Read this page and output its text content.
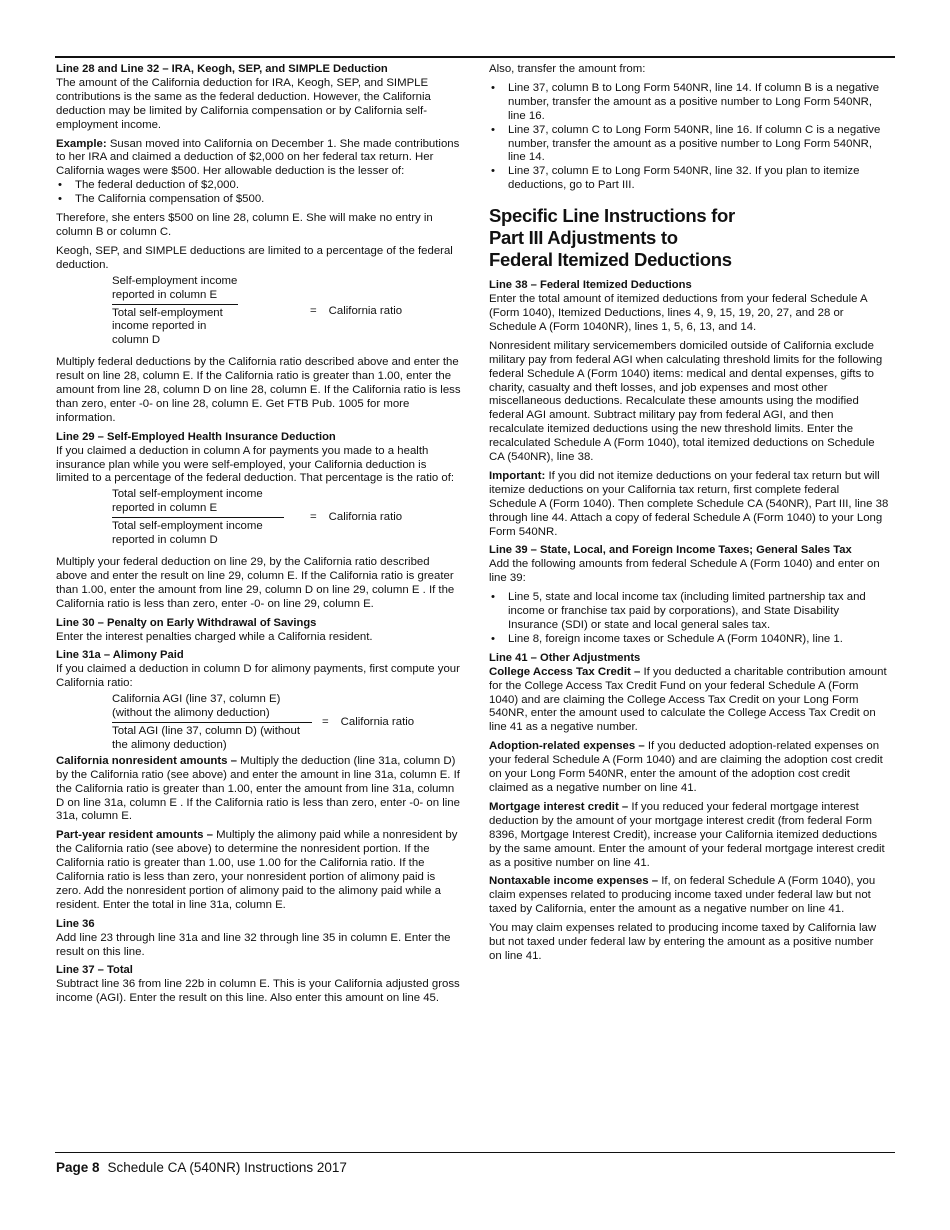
Line 28 and Line 32 – IRA, Keogh, SEP, and SIMPLE Deduction

The amount of the California deduction for IRA, Keogh, SEP, and SIMPLE contributions is the same as the federal deduction. However, the California deduction may be limited by California compensation or by California self-employment income.

Example: Susan moved into California on December 1. She made contributions to her IRA and claimed a deduction of $2,000 on her federal tax return. Her California wages were $500. Her allowable deduction is the lesser of:

• The federal deduction of $2,000.
• The California compensation of $500.

Therefore, she enters $500 on line 28, column E. She will make no entry in column B or column C.

Keogh, SEP, and SIMPLE deductions are limited to a percentage of the federal deduction.

Self-employment income reported in column E
Total self-employment income reported in column D
= California ratio

Multiply federal deductions by the California ratio described above and enter the result on line 28, column E. If the California ratio is greater than 1.00, enter the amount from line 28, column D on line 28, column E. If the California ratio is less than zero, enter -0- on line 28, column E. Get FTB Pub. 1005 for more information.

Line 29 – Self-Employed Health Insurance Deduction

If you claimed a deduction in column A for payments you made to a health insurance plan while you were self-employed, your California deduction is limited to a percentage of the federal deduction. That percentage is the ratio of:

Total self-employment income reported in column E
Total self-employment income reported in column D
= California ratio

Multiply your federal deduction on line 29, by the California ratio described above and enter the result on line 29, column E. If the California ratio is greater than 1.00, enter the amount from line 29, column D on line 29, column E . If the California ratio is less than zero, enter -0- on line 29, column E.

Line 30 – Penalty on Early Withdrawal of Savings

Enter the interest penalties charged while a California resident.

Line 31a – Alimony Paid

If you claimed a deduction in column D for alimony payments, first compute your California ratio:

California AGI (line 37, column E) (without the alimony deduction)
Total AGI (line 37, column D) (without the alimony deduction)
= California ratio

California nonresident amounts – Multiply the deduction (line 31a, column D) by the California ratio (see above) and enter the amount in line 31a, column E. If the California ratio is greater than 1.00, enter the amount from line 31a, column D on line 31a, column E . If the California ratio is less than zero, enter -0- on line 31a, column E.

Part-year resident amounts – Multiply the alimony paid while a nonresident by the California ratio (see above) to determine the nonresident portion. If the California ratio is greater than 1.00, use 1.00 for the California ratio. If the California ratio is less than zero, your nonresident portion of alimony paid is zero. Add the nonresident portion of alimony paid to the alimony paid while a resident. Enter the total in line 31a, column E.

Line 36

Add line 23 through line 31a and line 32 through line 35 in column E. Enter the result on this line.

Line 37 – Total

Subtract line 36 from line 22b in column E. This is your California adjusted gross income (AGI). Enter the result on this line. Also enter this amount on line 45.

Also, transfer the amount from:

• Line 37, column B to Long Form 540NR, line 14. If column B is a negative number, transfer the amount as a positive number to Long Form 540NR, line 16.
• Line 37, column C to Long Form 540NR, line 16. If column C is a negative number, transfer the amount as a positive number to Long Form 540NR, line 14.
• Line 37, column E to Long Form 540NR, line 32. If you plan to itemize deductions, go to Part III.
Specific Line Instructions for
Part III Adjustments to
Federal Itemized Deductions

Line 38 – Federal Itemized Deductions

Enter the total amount of itemized deductions from your federal Schedule A (Form 1040), Itemized Deductions, lines 4, 9, 15, 19, 20, 27, and 28 or Schedule A (Form 1040NR), lines 1, 5, 6, 13, and 14.

Nonresident military servicemembers domiciled outside of California exclude military pay from federal AGI when calculating threshold limits for the following federal Schedule A (Form 1040) items: medical and dental expenses, gifts to charity, casualty and theft losses, and job expenses and most other miscellaneous deductions. Recalculate these amounts using the modified federal AGI amount. Subtract military pay from federal AGI, and then recalculate itemized deductions using the new threshold limits. Enter the recalculated Schedule A (Form 1040), total itemized deductions on Schedule CA (540NR), line 38.

Important: If you did not itemize deductions on your federal tax return but will itemize deductions on your California tax return, first complete federal Schedule A (Form 1040). Then complete Schedule CA (540NR), Part III, line 38 through line 44. Attach a copy of federal Schedule A (Form 1040) to your Long Form 540NR.

Line 39 – State, Local, and Foreign Income Taxes; General Sales Tax

Add the following amounts from federal Schedule A (Form 1040) and enter on line 39:

• Line 5, state and local income tax (including limited partnership tax and income or franchise tax paid by corporations), and State Disability Insurance (SDI) or state and local general sales tax.
• Line 8, foreign income taxes or Schedule A (Form 1040NR), line 1.

Line 41 – Other Adjustments

College Access Tax Credit – If you deducted a charitable contribution amount for the College Access Tax Credit Fund on your federal Schedule A (Form 1040) and are claiming the College Access Tax Credit on your Long Form 540NR, enter the amount used to calculate the College Access Tax Credit on line 41 as a negative number.

Adoption-related expenses – If you deducted adoption-related expenses on your federal Schedule A (Form 1040) and are claiming the adoption cost credit on your Long Form 540NR, enter the amount of the adoption cost credit claimed as a negative number on line 41.

Mortgage interest credit – If you reduced your federal mortgage interest deduction by the amount of your mortgage interest credit (from federal Form 8396, Mortgage Interest Credit), increase your California itemized deductions by the same amount. Enter the amount of your federal mortgage interest credit as a positive number on line 41.

Nontaxable income expenses – If, on federal Schedule A (Form 1040), you claim expenses related to producing income taxed under federal law but not taxed by California, enter the amount as a negative number on line 41.

You may claim expenses related to producing income taxed by California law but not taxed under federal law by entering the amount as a positive number on line 41.

Page 8 Schedule CA (540NR) Instructions 2017
